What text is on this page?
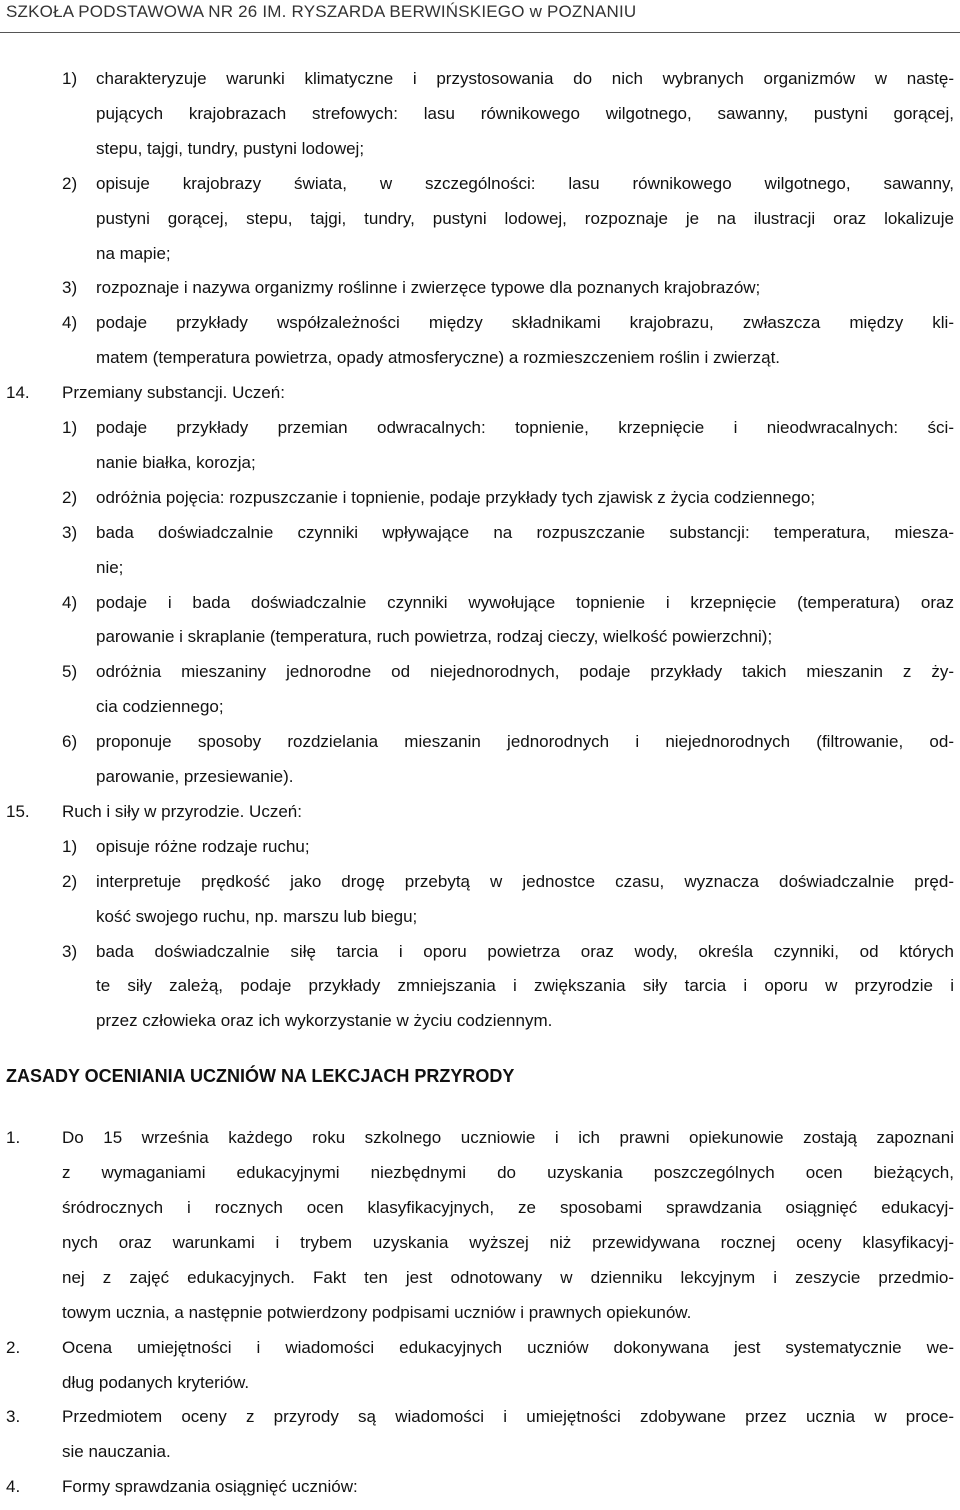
SZKOŁA PODSTAWOWA NR 26 IM. RYSZARDA BERWIŃSKIEGO w POZNANIU
1) charakteryzuje warunki klimatyczne i przystosowania do nich wybranych organizmów w nastę-
pujących krajobrazach strefowych: lasu równikowego wilgotnego, sawanny, pustyni gorącej,
stepu, tajgi, tundry, pustyni lodowej;
2) opisuje krajobrazy świata, w szczególności: lasu równikowego wilgotnego, sawanny,
pustyni gorącej, stepu, tajgi, tundry, pustyni lodowej, rozpoznaje je na ilustracji oraz lokalizuje
na mapie;
3) rozpoznaje i nazywa organizmy roślinne i zwierzęce typowe dla poznanych krajobrazów;
4) podaje przykłady współzależności między składnikami krajobrazu, zwłaszcza między kli-
matem (temperatura powietrza, opady atmosferyczne) a rozmieszczeniem roślin i zwierząt.
14. Przemiany substancji. Uczeń:
1) podaje przykłady przemian odwracalnych: topnienie, krzepnięcie i nieodwracalnych: ści-
nanie białka, korozja;
2) odróżnia pojęcia: rozpuszczanie i topnienie, podaje przykłady tych zjawisk z życia codziennego;
3) bada doświadczalnie czynniki wpływające na rozpuszczanie substancji: temperatura, miesza-
nie;
4) podaje i bada doświadczalnie czynniki wywołujące topnienie i krzepnięcie (temperatura) oraz
parowanie i skraplanie (temperatura, ruch powietrza, rodzaj cieczy, wielkość powierzchni);
5) odróżnia mieszaniny jednorodne od niejednorodnych, podaje przykłady takich mieszanin z ży-
cia codziennego;
6) proponuje sposoby rozdzielania mieszanin jednorodnych i niejednorodnych (filtrowanie, od-
parowanie, przesiewanie).
15. Ruch i siły w przyrodzie. Uczeń:
1) opisuje różne rodzaje ruchu;
2) interpretuje prędkość jako drogę przebytą w jednostce czasu, wyznacza doświadczalnie pręd-
kość swojego ruchu, np. marszu lub biegu;
3) bada doświadczalnie siłę tarcia i oporu powietrza oraz wody, określa czynniki, od których
te siły zależą, podaje przykłady zmniejszania i zwiększania siły tarcia i oporu w przyrodzie i
przez człowieka oraz ich wykorzystanie w życiu codziennym.
ZASADY OCENIANIA UCZNIÓW NA LEKCJACH PRZYRODY
1. Do 15 września każdego roku szkolnego uczniowie i ich prawni opiekunowie zostają zapoznani
z wymaganiami edukacyjnymi niezbędnymi do uzyskania poszczególnych ocen bieżących,
śródrocznych i rocznych ocen klasyfikacyjnych, ze sposobami sprawdzania osiągnięć edukacyj-
nych oraz warunkami i trybem uzyskania wyższej niż przewidywana rocznej oceny klasyfikacyj-
nej z zajęć edukacyjnych. Fakt ten jest odnotowany w dzienniku lekcyjnym i zeszycie przedmio-
towym ucznia, a następnie potwierdzony podpisami uczniów i prawnych opiekunów.
2. Ocena umiejętności i wiadomości edukacyjnych uczniów dokonywana jest systematycznie we-
dług podanych kryteriów.
3. Przedmiotem oceny z przyrody są wiadomości i umiejętności zdobywane przez ucznia w proce-
sie nauczania.
4. Formy sprawdzania osiągnięć uczniów:
